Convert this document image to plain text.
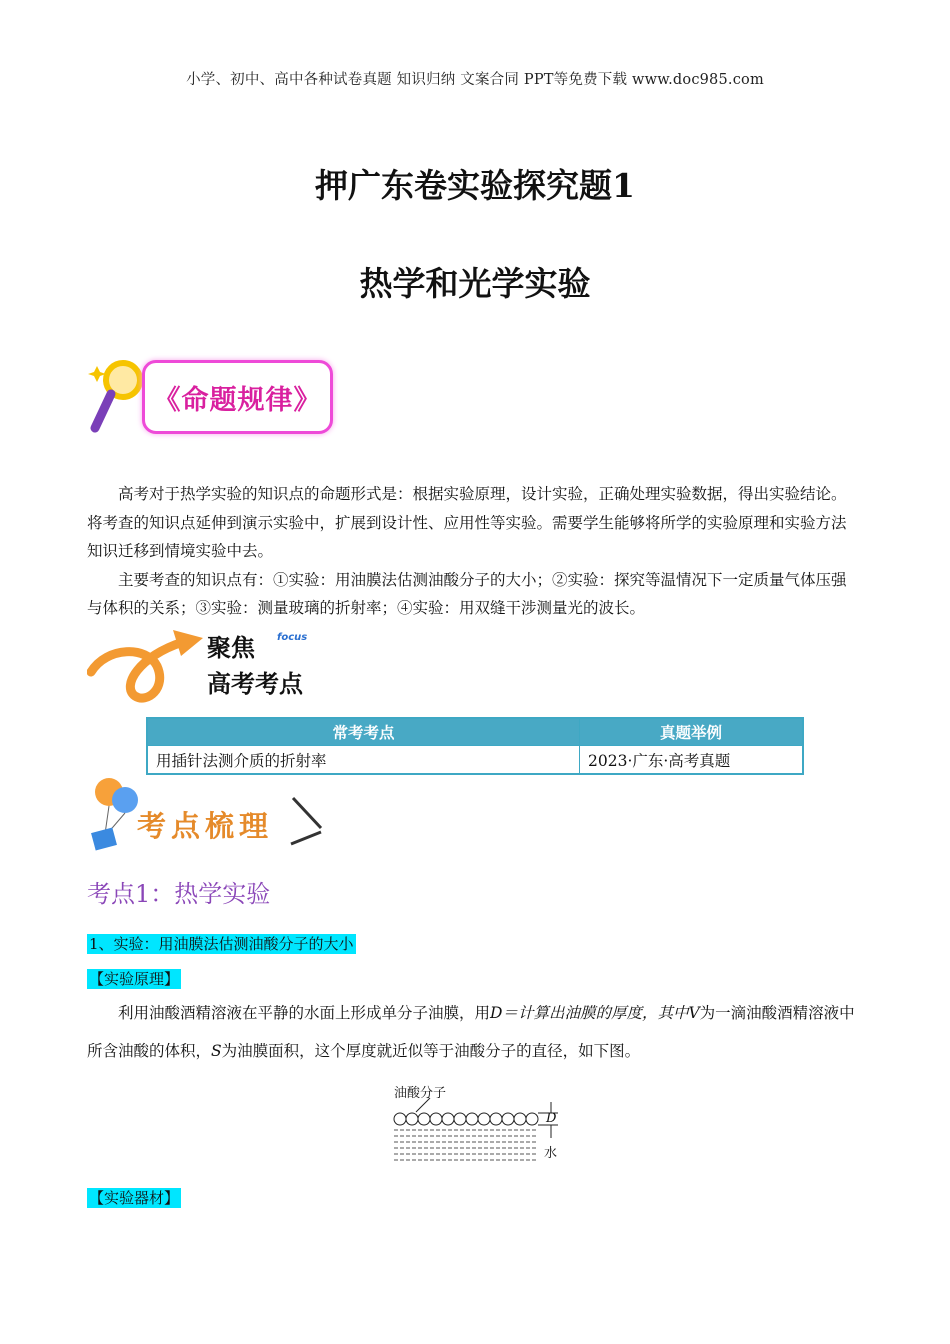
小学、初中、高中各种试卷真题 知识归纳 文案合同 PPT等免费下载 www.doc985.com
押广东卷实验探究题1
热学和光学实验
《命题规律》

高考对于热学实验的知识点的命题形式是：根据实验原理，设计实验，正确处理实验数据，得出实验结论。将考查的知识点延伸到演示实验中，扩展到设计性、应用性等实验。需要学生能够将所学的实验原理和实验方法知识迁移到情境实验中去。

主要考查的知识点有：①实验：用油膜法估测油酸分子的大小；②实验：探究等温情况下一定质量气体压强与体积的关系；③实验：测量玻璃的折射率；④实验：用双缝干涉测量光的波长。

聚焦 focus
高考考点
常考考点	真题举例
用插针法测介质的折射率	2023·广东·高考真题
考点梳理
考点1：热学实验
1、实验：用油膜法估测油酸分子的大小
【实验原理】

利用油酸酒精溶液在平静的水面上形成单分子油膜，用D＝计算出油膜的厚度，其中V为一滴油酸酒精溶液中所含油酸的体积，S为油膜面积，这个厚度就近似等于油酸分子的直径，如下图。

油酸分子
D
水
【实验器材】
